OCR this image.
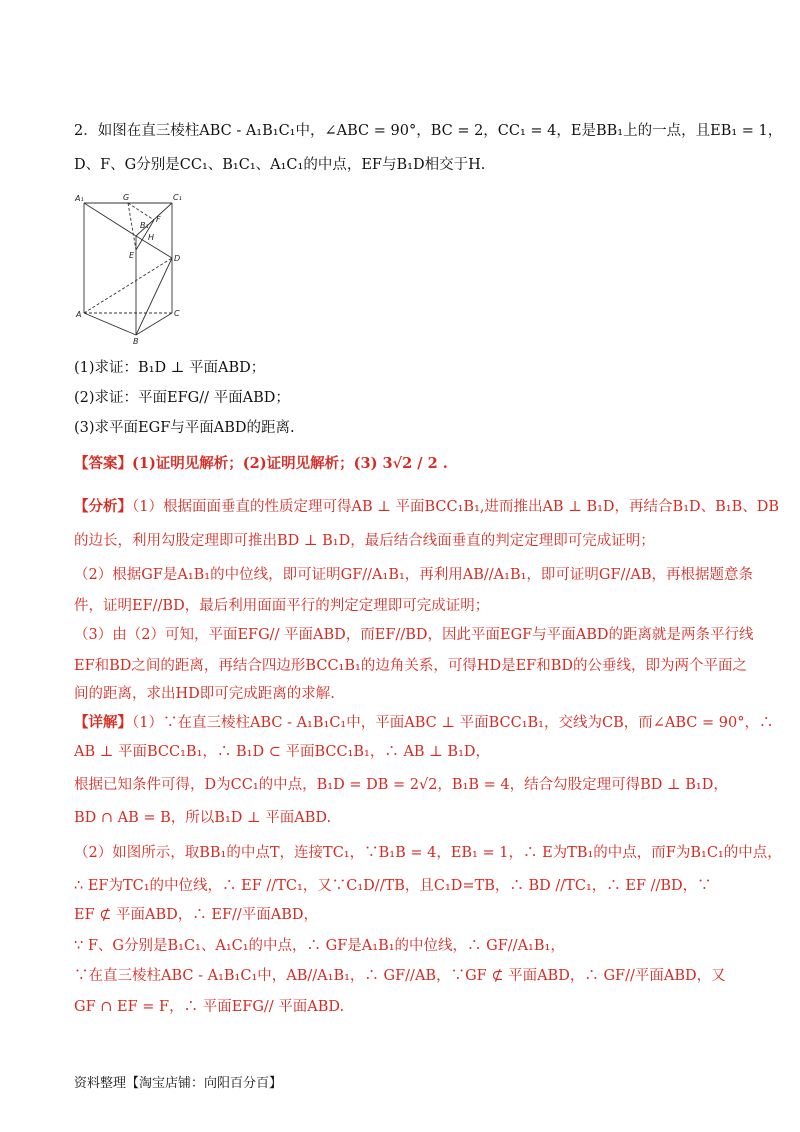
2．如图在直三棱柱ABC - A₁B₁C₁中，∠ABC = 90°，BC = 2，CC₁ = 4，E是BB₁上的一点，且EB₁ = 1，
D、F、G分别是CC₁、B₁C₁、A₁C₁的中点，EF与B₁D相交于H.
A₁	G	C₁
B₁
F
H
E	D
A	C
B
(1)求证：B₁D ⊥ 平面ABD；
(2)求证：平面EFG// 平面ABD；
(3)求平面EGF与平面ABD的距离.
【答案】(1)证明见解析；(2)证明见解析；(3) 3√2 / 2 .
【分析】（1）根据面面垂直的性质定理可得AB ⊥ 平面BCC₁B₁,进而推出AB ⊥ B₁D，再结合B₁D、B₁B、DB
的边长，利用勾股定理即可推出BD ⊥ B₁D，最后结合线面垂直的判定定理即可完成证明；
（2）根据GF是A₁B₁的中位线，即可证明GF//A₁B₁，再利用AB//A₁B₁，即可证明GF//AB，再根据题意条
件，证明EF//BD，最后利用面面平行的判定定理即可完成证明；
（3）由（2）可知，平面EFG// 平面ABD，而EF//BD，因此平面EGF与平面ABD的距离就是两条平行线
EF和BD之间的距离，再结合四边形BCC₁B₁的边角关系，可得HD是EF和BD的公垂线，即为两个平面之
间的距离，求出HD即可完成距离的求解.
【详解】（1）∵在直三棱柱ABC - A₁B₁C₁中，平面ABC ⊥ 平面BCC₁B₁，交线为CB，而∠ABC = 90°，∴
AB ⊥ 平面BCC₁B₁，∴ B₁D ⊂ 平面BCC₁B₁，∴ AB ⊥ B₁D，
根据已知条件可得，D为CC₁的中点，B₁D = DB = 2√2，B₁B = 4，结合勾股定理可得BD ⊥ B₁D，
BD ∩ AB = B，所以B₁D ⊥ 平面ABD.
（2）如图所示，取BB₁的中点T，连接TC₁，∵B₁B = 4，EB₁ = 1，∴ E为TB₁的中点，而F为B₁C₁的中点，
∴ EF为TC₁的中位线，∴ EF //TC₁，又∵C₁D//TB，且C₁D=TB，∴ BD //TC₁，∴ EF //BD，∵
EF ⊄ 平面ABD，∴ EF//平面ABD，
∵ F、G分别是B₁C₁、A₁C₁的中点，∴ GF是A₁B₁的中位线，∴ GF//A₁B₁，
∵在直三棱柱ABC - A₁B₁C₁中，AB//A₁B₁，∴ GF//AB，∵GF ⊄ 平面ABD，∴ GF//平面ABD，又
GF ∩ EF = F，∴ 平面EFG// 平面ABD.
资料整理【淘宝店铺：向阳百分百】
